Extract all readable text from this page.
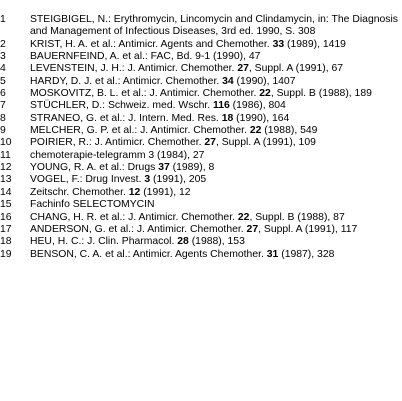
1	STEIGBIGEL, N.: Erythromycin, Lincomycin and Clindamycin, in: The Diagnosis and Management of Infectious Diseases, 3rd ed. 1990, S. 308
2	KRIST, H. A. et al.: Antimicr. Agents and Chemother. 33 (1989), 1419
3	BAUERNFEIND, A. et al.: FAC, Bd. 9-1 (1990), 47
4	LEVENSTEIN, J. H.: J. Antimicr. Chemother. 27, Suppl. A (1991), 67
5	HARDY, D. J. et al.: Antimicr. Chemother. 34 (1990), 1407
6	MOSKOVITZ, B. L. et al.: J. Antimicr. Chemother. 22, Suppl. B (1988), 189
7	STÜCHLER, D.: Schweiz. med. Wschr. 116 (1986), 804
8	STRANEO, G. et al.: J. Intern. Med. Res. 18 (1990), 164
9	MELCHER, G. P. et al.: J. Antimicr. Chemother. 22 (1988), 549
10 POIRIER, R.: J. Antimicr. Chemother. 27, Suppl. A (1991), 109
11 chemoterapie-telegramm 3 (1984), 27
12 YOUNG, R. A. et al.: Drugs 37 (1989), 8
13 VOGEL, F.: Drug Invest. 3 (1991), 205
14 Zeitschr. Chemother. 12 (1991), 12
15 Fachinfo SELECTOMYCIN
16 CHANG, H. R. et al.: J. Antimicr. Chemother. 22, Suppl. B (1988), 87
17 ANDERSON, G. et al.: J. Antimicr. Chemother. 27, Suppl. A (1991), 117
18 HEU, H. C.: J. Clin. Pharmacol. 28 (1988), 153
19 BENSON, C. A. et al.: Antimicr. Agents Chemother. 31 (1987), 328
